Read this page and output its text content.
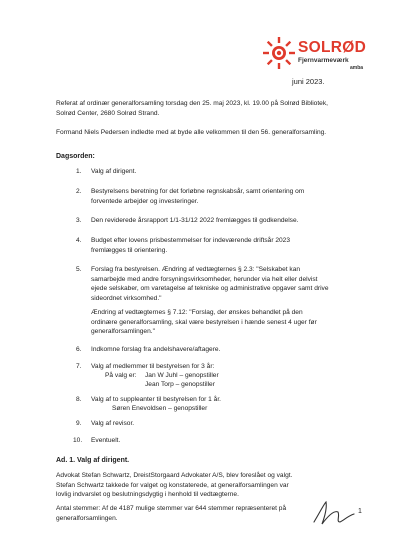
SOLRØD
Fjernvarmeværk
amba
juni 2023.
Referat af ordinær generalforsamling torsdag den 25. maj 2023, kl. 19.00 på Solrød Bibliotek,
Solrød Center, 2680 Solrød Strand.
Formand Niels Pedersen indledte med at byde alle velkommen til den 56. generalforsamling.
Dagsorden:
1. Valg af dirigent.
2. Bestyrelsens beretning for det forløbne regnskabsår, samt orientering om
forventede arbejder og investeringer.
3. Den reviderede årsrapport 1/1-31/12 2022 fremlægges til godkendelse.
4. Budget efter lovens prisbestemmelser for indeværende driftsår 2023
fremlægges til orientering.
5. Forslag fra bestyrelsen. Ændring af vedtægternes § 2.3: "Selskabet kan
samarbejde med andre forsyningsvirksomheder, herunder via helt eller delvist
ejede selskaber, om varetagelse af tekniske og administrative opgaver samt drive
sideordnet virksomhed."
Ændring af vedtægternes § 7.12: "Forslag, der ønskes behandlet på den
ordinære generalforsamling, skal være bestyrelsen i hænde senest 4 uger før
generalforsamlingen."
6. Indkomne forslag fra andelshavere/aftagere.
7. Valg af medlemmer til bestyrelsen for 3 år:
På valg er: Jan W Juhl – genopstiller
Jean Torp – genopstiller
8. Valg af to suppleanter til bestyrelsen for 1 år.
Søren Enevoldsen – genopstiller
9. Valg af revisor.
10. Eventuelt.
Ad. 1. Valg af dirigent.
Advokat Stefan Schwartz, DreistStorgaard Advokater A/S, blev foreslået og valgt.
Stefan Schwartz takkede for valget og konstaterede, at generalforsamlingen var
lovlig indvarslet og beslutningsdygtig i henhold til vedtægterne.
Antal stemmer: Af de 4187 mulige stemmer var 644 stemmer repræsenteret på
generalforsamlingen.
1
